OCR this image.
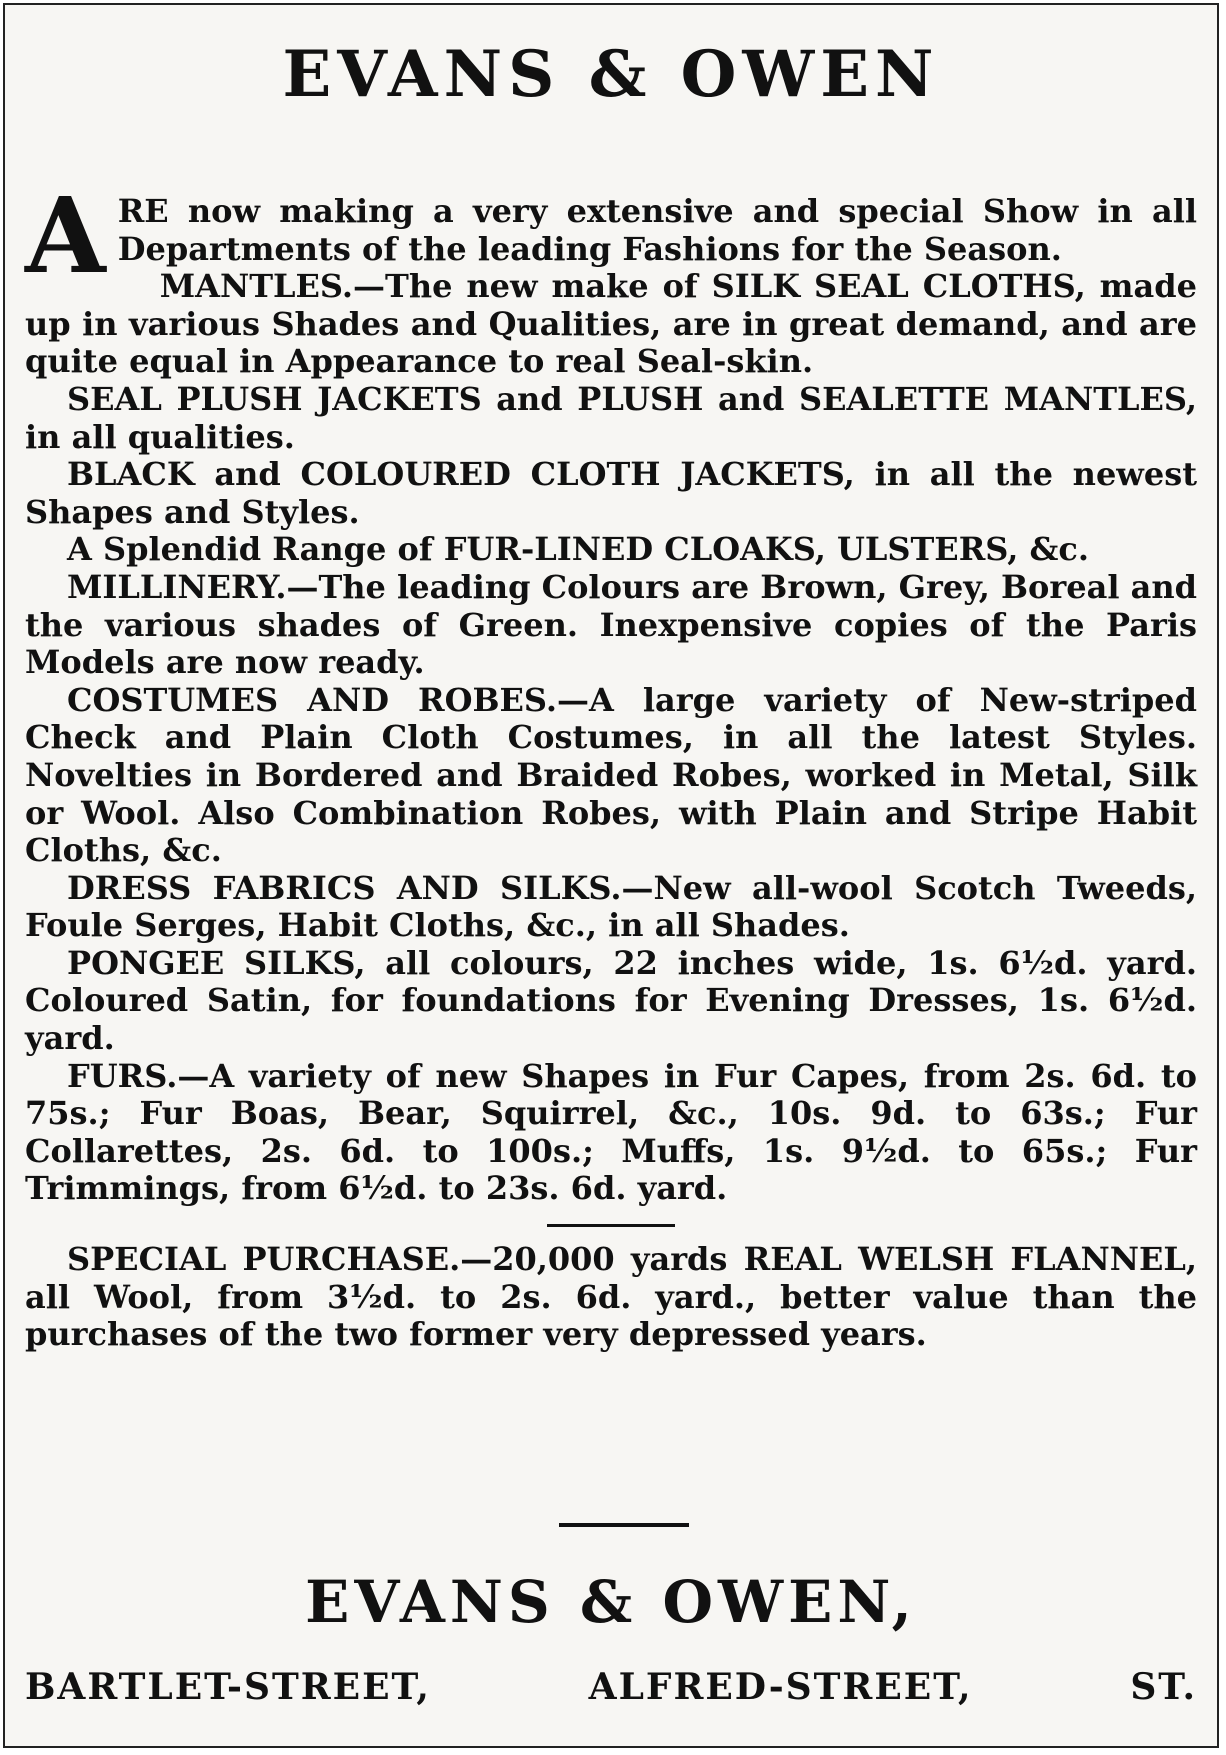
EVANS & OWEN

ARE now making a very extensive and special Show in all Departments of the leading Fashions for the Season.

MANTLES.—The new make of SILK SEAL CLOTHS, made up in various Shades and Qualities, are in great demand, and are quite equal in Appearance to real Seal-skin.

SEAL PLUSH JACKETS and PLUSH and SEALETTE MANTLES, in all qualities.

BLACK and COLOURED CLOTH JACKETS, in all the newest Shapes and Styles.

A Splendid Range of FUR-LINED CLOAKS, ULSTERS, &c.

MILLINERY.—The leading Colours are Brown, Grey, Boreal and the various shades of Green. Inexpensive copies of the Paris Models are now ready.

COSTUMES AND ROBES.—A large variety of New-striped Check and Plain Cloth Costumes, in all the latest Styles. Novelties in Bordered and Braided Robes, worked in Metal, Silk or Wool. Also Combination Robes, with Plain and Stripe Habit Cloths, &c.

DRESS FABRICS AND SILKS.—New all-wool Scotch Tweeds, Foule Serges, Habit Cloths, &c., in all Shades.

PONGEE SILKS, all colours, 22 inches wide, 1s. 6½d. yard. Coloured Satin, for foundations for Evening Dresses, 1s. 6½d. yard.

FURS.—A variety of new Shapes in Fur Capes, from 2s. 6d. to 75s.; Fur Boas, Bear, Squirrel, &c., 10s. 9d. to 63s.; Fur Collarettes, 2s. 6d. to 100s.; Muffs, 1s. 9½d. to 65s.; Fur Trimmings, from 6½d. to 23s. 6d. yard.

SPECIAL PURCHASE.—20,000 yards REAL WELSH FLANNEL, all Wool, from 3½d. to 2s. 6d. yard., better value than the purchases of the two former very depressed years.

EVANS & OWEN,
BARTLET-STREET,	ALFRED-STREET,	ST.
